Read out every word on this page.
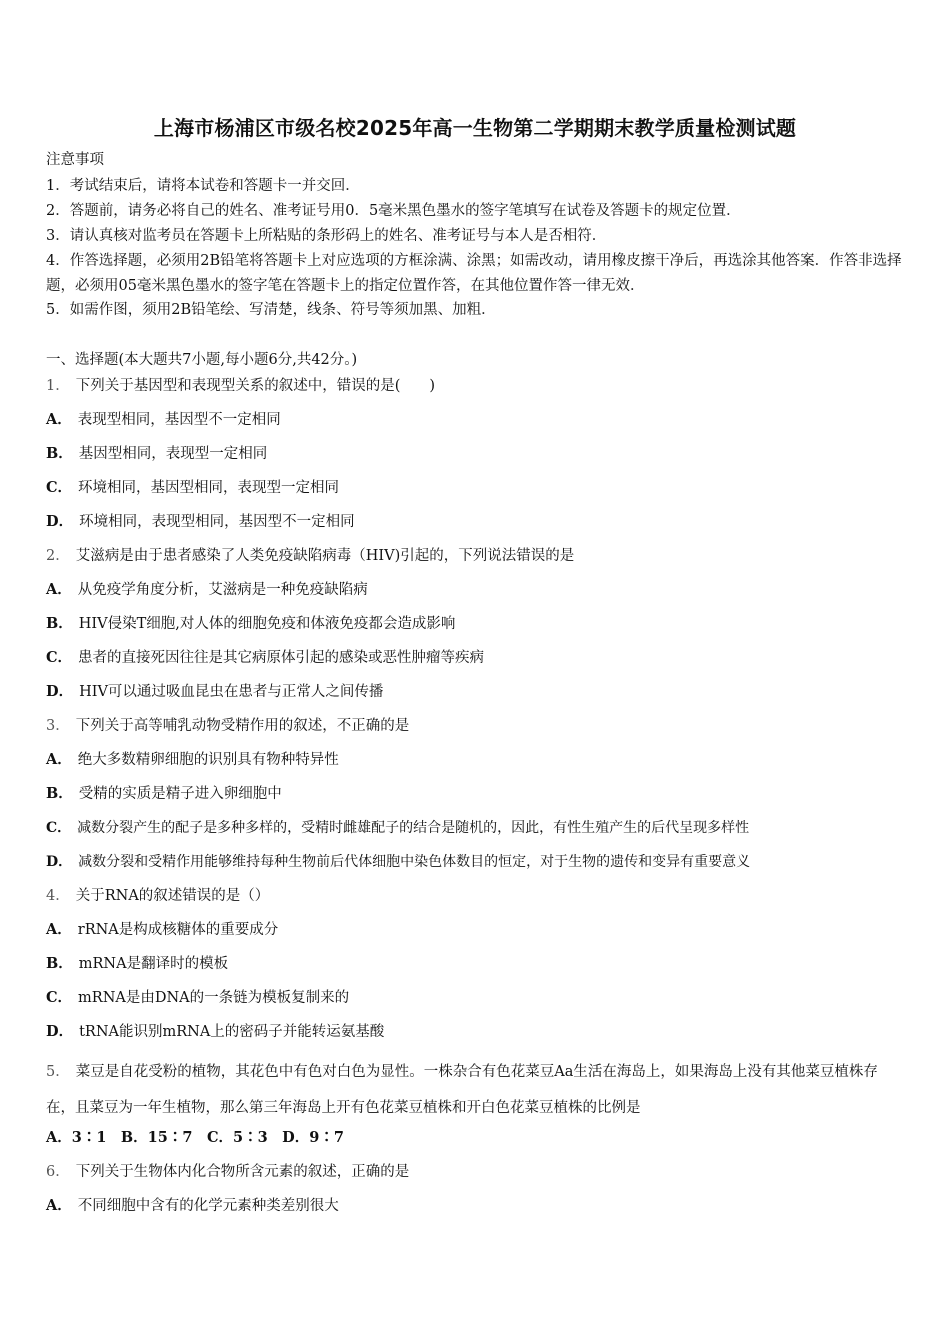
上海市杨浦区市级名校2025年高一生物第二学期期末教学质量检测试题
注意事项
1．考试结束后，请将本试卷和答题卡一并交回．
2．答题前，请务必将自己的姓名、准考证号用0．5毫米黑色墨水的签字笔填写在试卷及答题卡的规定位置．
3．请认真核对监考员在答题卡上所粘贴的条形码上的姓名、准考证号与本人是否相符．
4．作答选择题，必须用2B铅笔将答题卡上对应选项的方框涂满、涂黑；如需改动，请用橡皮擦干净后，再选涂其他答案．作答非选择题，必须用05毫米黑色墨水的签字笔在答题卡上的指定位置作答，在其他位置作答一律无效．
5．如需作图，须用2B铅笔绘、写清楚，线条、符号等须加黑、加粗．
一、选择题(本大题共7小题,每小题6分,共42分。)
1． 下列关于基因型和表现型关系的叙述中，错误的是(　　)
A． 表现型相同，基因型不一定相同
B． 基因型相同，表现型一定相同
C． 环境相同，基因型相同，表现型一定相同
D． 环境相同，表现型相同，基因型不一定相同
2． 艾滋病是由于患者感染了人类免疫缺陷病毒（HIV)引起的，下列说法错误的是
A． 从免疫学角度分析，艾滋病是一种免疫缺陷病
B． HIV侵染T细胞,对人体的细胞免疫和体液免疫都会造成影响
C． 患者的直接死因往往是其它病原体引起的感染或恶性肿瘤等疾病
D． HIV可以通过吸血昆虫在患者与正常人之间传播
3． 下列关于高等哺乳动物受精作用的叙述，不正确的是
A． 绝大多数精卵细胞的识别具有物种特异性
B． 受精的实质是精子进入卵细胞中
C． 减数分裂产生的配子是多种多样的，受精时雌雄配子的结合是随机的，因此，有性生殖产生的后代呈现多样性
D． 减数分裂和受精作用能够维持每种生物前后代体细胞中染色体数目的恒定，对于生物的遗传和变异有重要意义
4． 关于RNA的叙述错误的是（）
A． rRNA是构成核糖体的重要成分
B． mRNA是翻译时的模板
C． mRNA是由DNA的一条链为模板复制来的
D． tRNA能识别mRNA上的密码子并能转运氨基酸
5． 菜豆是自花受粉的植物，其花色中有色对白色为显性。一株杂合有色花菜豆Aa生活在海岛上，如果海岛上没有其他菜豆植株存在，且菜豆为一年生植物，那么第三年海岛上开有色花菜豆植株和开白色花菜豆植株的比例是
A．3∶1　B．15∶7　C．5∶3　D．9∶7
6． 下列关于生物体内化合物所含元素的叙述，正确的是
A． 不同细胞中含有的化学元素种类差别很大
